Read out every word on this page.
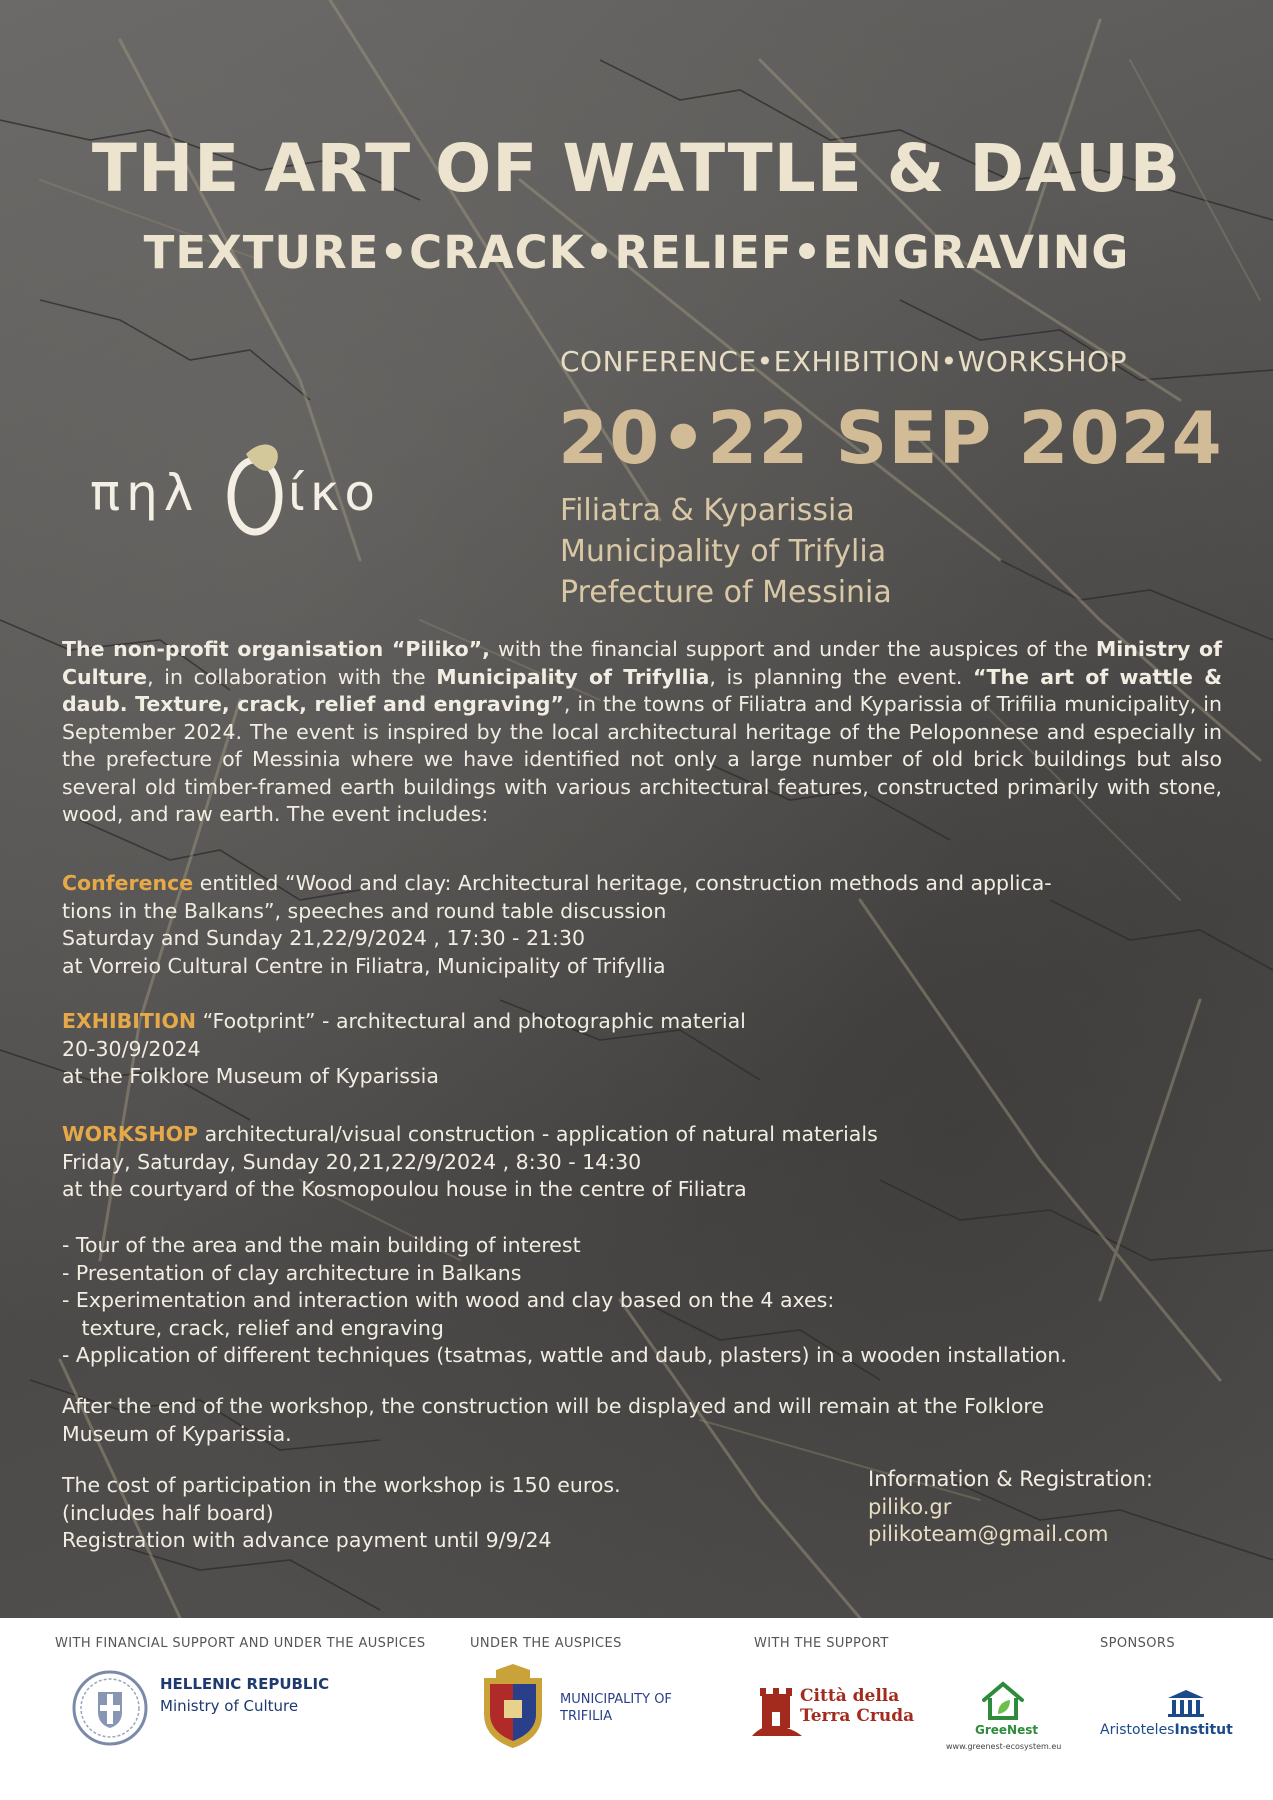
THE ART OF WATTLE & DAUB
TEXTURE•CRACK•RELIEF•ENGRAVING
πηλ ίκο
CONFERENCE•EXHIBITION•WORKSHOP
20•22 SEP 2024
Filiatra & Kyparissia
Municipality of Trifylia
Prefecture of Messinia
The non-profit organisation “Piliko”, with the financial support and under the auspices of the Ministry of Culture, in collaboration with the Municipality of Trifyllia, is planning the event. “The art of wattle & daub. Texture, crack, relief and engraving”, in the towns of Filiatra and Kyparissia of Trifilia municipality, in September 2024. The event is inspired by the local architectural heritage of the Peloponnese and especially in the prefecture of Messinia where we have identified not only a large number of old brick buildings but also several old timber-framed earth buildings with various architectural features, constructed primarily with stone, wood, and raw earth. The event includes:
Conference entitled “Wood and clay: Architectural heritage, construction methods and applica-
tions in the Balkans”, speeches and round table discussion
Saturday and Sunday 21,22/9/2024 , 17:30 - 21:30
at Vorreio Cultural Centre in Filiatra, Municipality of Trifyllia
EXHIBITION “Footprint” - architectural and photographic material
20-30/9/2024
at the Folklore Museum of Kyparissia
WORKSHOP architectural/visual construction - application of natural materials
Friday, Saturday, Sunday 20,21,22/9/2024 , 8:30 - 14:30
at the courtyard of the Kosmopoulou house in the centre of Filiatra
- Tour of the area and the main building of interest
- Presentation of clay architecture in Balkans
- Experimentation and interaction with wood and clay based on the 4 axes:
texture, crack, relief and engraving
- Application of different techniques (tsatmas, wattle and daub, plasters) in a wooden installation.
After the end of the workshop, the construction will be displayed and will remain at the Folklore
Museum of Kyparissia.
The cost of participation in the workshop is 150 euros.
(includes half board)
Registration with advance payment until 9/9/24
Information & Registration:
piliko.gr
pilikoteam@gmail.com
WITH FINANCIAL SUPPORT AND UNDER THE AUSPICES	UNDER THE AUSPICES	WITH THE SUPPORT	SPONSORS
HELLENIC REPUBLIC
Ministry of Culture	MUNICIPALITY OF
TRIFILIA
Città della
Terra Cruda
GreeNest
www.greenest-ecosystem.eu
AristotelesInstitut
